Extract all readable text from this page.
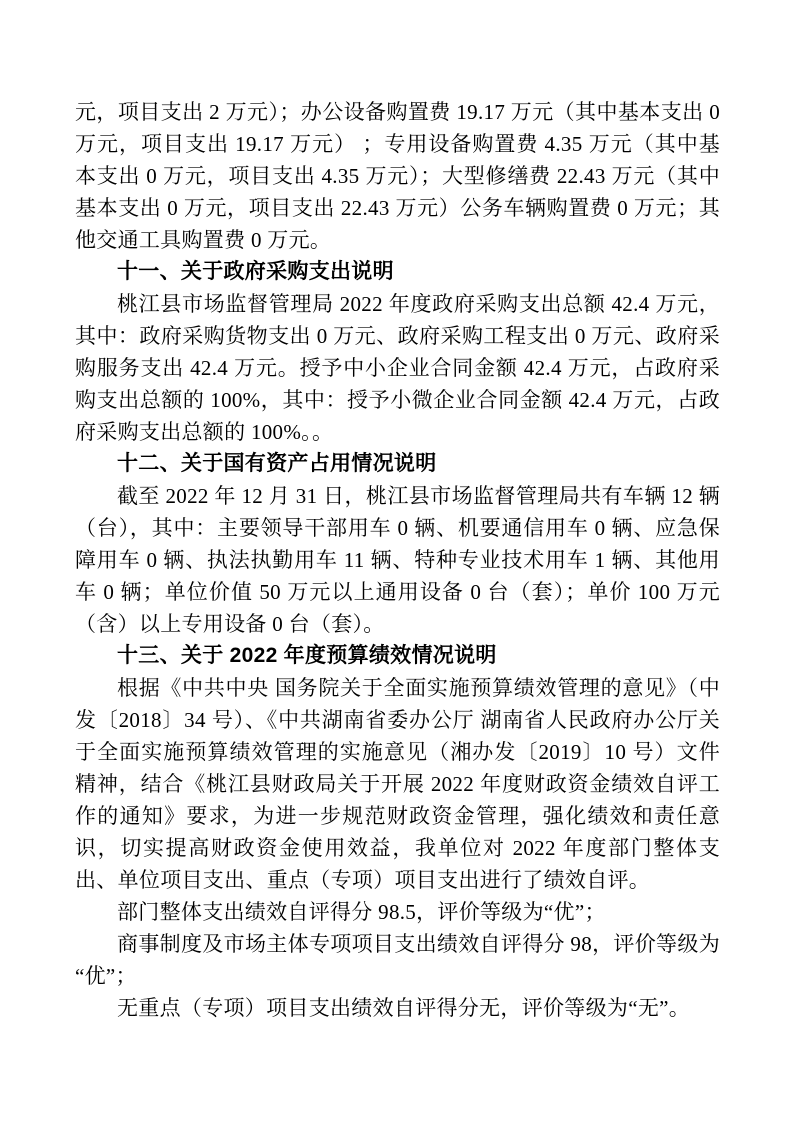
元，项目支出 2 万元）；办公设备购置费 19.17 万元（其中基本支出 0 万元，项目支出 19.17 万元） ；专用设备购置费 4.35 万元（其中基本支出 0 万元，项目支出 4.35 万元）；大型修缮费 22.43 万元（其中基本支出 0 万元，项目支出 22.43 万元）公务车辆购置费 0 万元；其他交通工具购置费 0 万元。

十一、关于政府采购支出说明

桃江县市场监督管理局 2022 年度政府采购支出总额 42.4 万元，其中：政府采购货物支出 0 万元、政府采购工程支出 0 万元、政府采购服务支出 42.4 万元。授予中小企业合同金额 42.4 万元，占政府采购支出总额的 100%，其中：授予小微企业合同金额 42.4 万元，占政府采购支出总额的 100%。。

十二、关于国有资产占用情况说明

截至 2022 年 12 月 31 日，桃江县市场监督管理局共有车辆 12 辆（台），其中：主要领导干部用车 0 辆、机要通信用车 0 辆、应急保障用车 0 辆、执法执勤用车 11 辆、特种专业技术用车 1 辆、其他用车 0 辆；单位价值 50 万元以上通用设备 0 台（套）；单价 100 万元（含）以上专用设备 0 台（套）。

十三、关于 2022 年度预算绩效情况说明

根据《中共中央 国务院关于全面实施预算绩效管理的意见》（中发〔2018〕34 号）、《中共湖南省委办公厅 湖南省人民政府办公厅关于全面实施预算绩效管理的实施意见（湘办发〔2019〕10 号）文件精神，结合《桃江县财政局关于开展 2022 年度财政资金绩效自评工作的通知》要求，为进一步规范财政资金管理，强化绩效和责任意识，切实提高财政资金使用效益，我单位对 2022 年度部门整体支出、单位项目支出、重点（专项）项目支出进行了绩效自评。

部门整体支出绩效自评得分 98.5，评价等级为“优”；

商事制度及市场主体专项项目支出绩效自评得分 98，评价等级为“优”；

无重点（专项）项目支出绩效自评得分无，评价等级为“无”。
